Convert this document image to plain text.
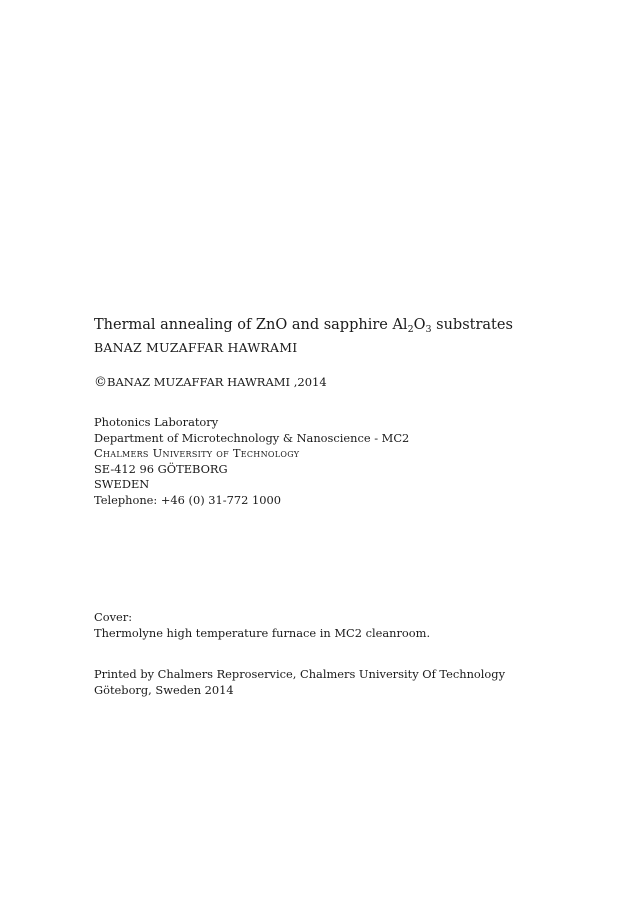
Thermal annealing of ZnO and sapphire $Al_2O_3$ substrates
BANAZ MUZAFFAR HAWRAMI
©BANAZ MUZAFFAR HAWRAMI ,2014
Photonics Laboratory
Department of Microtechnology & Nanoscience - MC2
Chalmers University of Technology
SE-412 96 GÖTEBORG
SWEDEN
Telephone: +46 (0) 31-772 1000
Cover:
Thermolyne high temperature furnace in MC2 cleanroom.
Printed by Chalmers Reproservice, Chalmers University Of Technology
Göteborg, Sweden 2014
